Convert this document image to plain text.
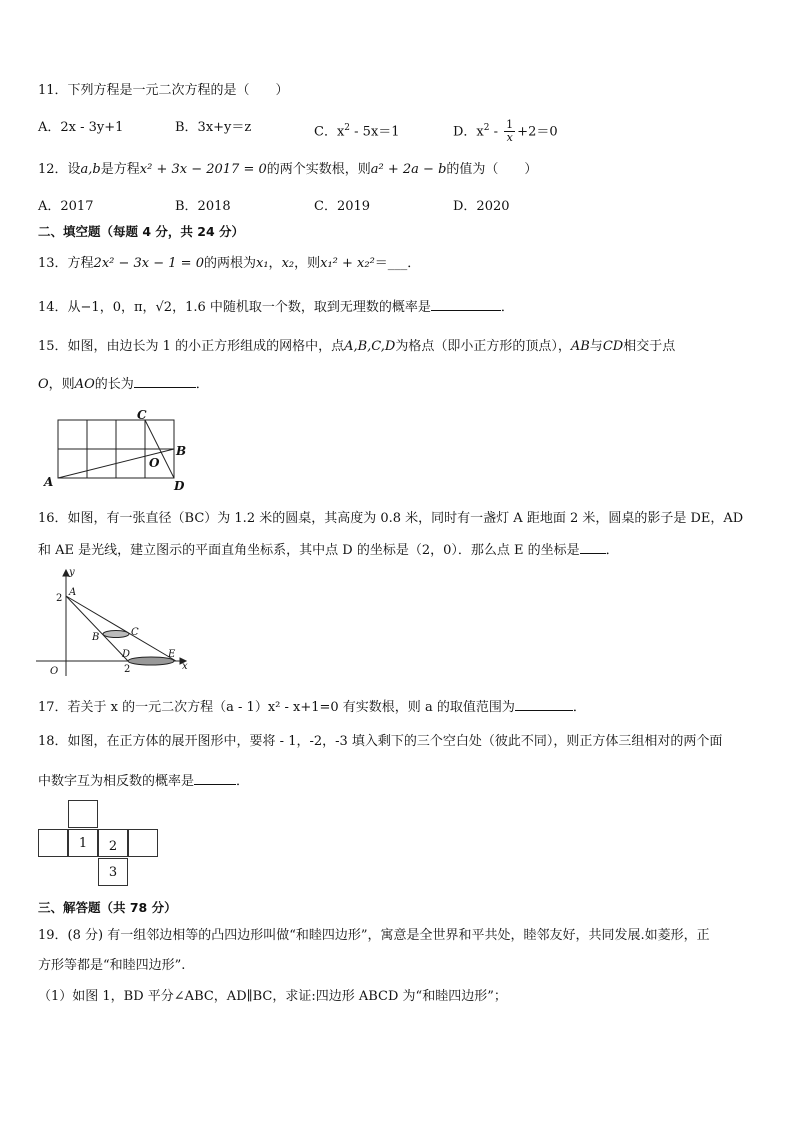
11．下列方程是一元二次方程的是（　　）
A．2x - 3y+1	B．3x+y＝z	C．$x^2 - 5x=1$	D．$x^2 - \frac{1}{x} +2=0$
12．设a,b是方程x² + 3x − 2017 = 0的两个实数根，则a² + 2a − b的值为（　　）
A．2017	B．2018	C．2019	D．2020
二、填空题（每题 4 分，共 24 分）
13．方程2x² − 3x − 1 = 0的两根为x₁，x₂，则x₁² + x₂²＝___．
14．从−1，0，π，√2，1.6 中随机取一个数，取到无理数的概率是	．
15．如图，由边长为 1 的小正方形组成的网格中，点A,B,C,D为格点（即小正方形的顶点），AB与CD相交于点
O，则AO的长为	．
A
B
C
D
O
16．如图，有一张直径（BC）为 1.2 米的圆桌，其高度为 0.8 米，同时有一盏灯 A 距地面 2 米，圆桌的影子是 DE，AD
和 AE 是光线，建立图示的平面直角坐标系，其中点 D 的坐标是（2，0）．那么点 E 的坐标是 ．
y
x
A
B	C
D	E
O
2
2
17．若关于 x 的一元二次方程（a - 1）x² - x+1=0 有实数根，则 a 的取值范围为	．
18．如图，在正方体的展开图形中，要将 - 1，-2，-3 填入剩下的三个空白处（彼此不同），则正方体三组相对的两个面
中数字互为相反数的概率是	．
1	2
3
三、解答题（共 78 分）
19．(8 分) 有一组邻边相等的凸四边形叫做“和睦四边形”，寓意是全世界和平共处，睦邻友好，共同发展.如菱形，正
方形等都是“和睦四边形”.
（1）如图 1，BD 平分∠ABC，AD∥BC，求证:四边形 ABCD 为“和睦四边形”；
